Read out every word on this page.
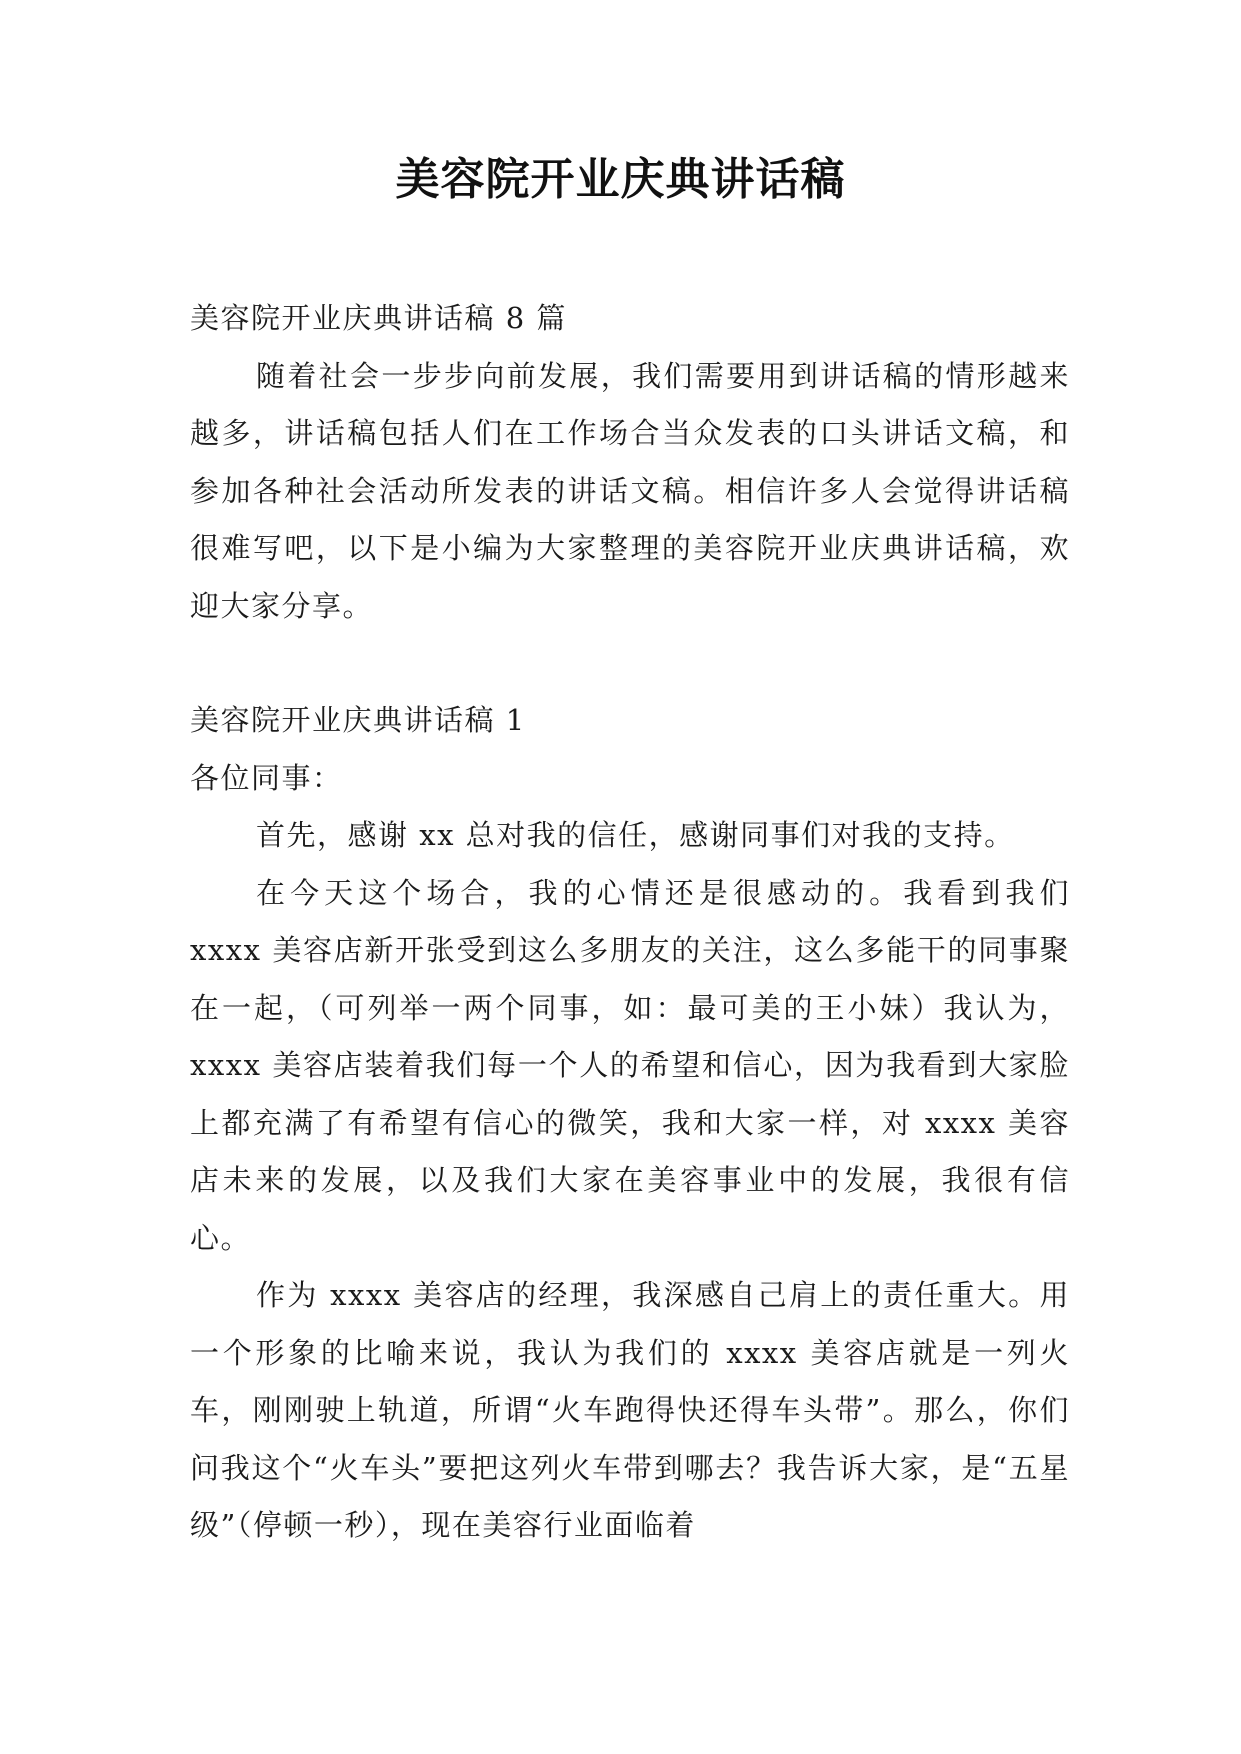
美容院开业庆典讲话稿

美容院开业庆典讲话稿 8 篇

随着社会一步步向前发展，我们需要用到讲话稿的情形越来越多，讲话稿包括人们在工作场合当众发表的口头讲话文稿，和参加各种社会活动所发表的讲话文稿。相信许多人会觉得讲话稿很难写吧，以下是小编为大家整理的美容院开业庆典讲话稿，欢迎大家分享。

美容院开业庆典讲话稿 1

各位同事：

首先，感谢 xx 总对我的信任，感谢同事们对我的支持。

在今天这个场合，我的心情还是很感动的。我看到我们 xxxx 美容店新开张受到这么多朋友的关注，这么多能干的同事聚在一起，（可列举一两个同事，如：最可美的王小妹）我认为，xxxx 美容店装着我们每一个人的希望和信心，因为我看到大家脸上都充满了有希望有信心的微笑，我和大家一样，对 xxxx 美容店未来的发展，以及我们大家在美容事业中的发展，我很有信心。

作为 xxxx 美容店的经理，我深感自己肩上的责任重大。用一个形象的比喻来说，我认为我们的 xxxx 美容店就是一列火车，刚刚驶上轨道，所谓“火车跑得快还得车头带”。那么，你们问我这个“火车头”要把这列火车带到哪去？我告诉大家，是“五星级”（停顿一秒），现在美容行业面临着
